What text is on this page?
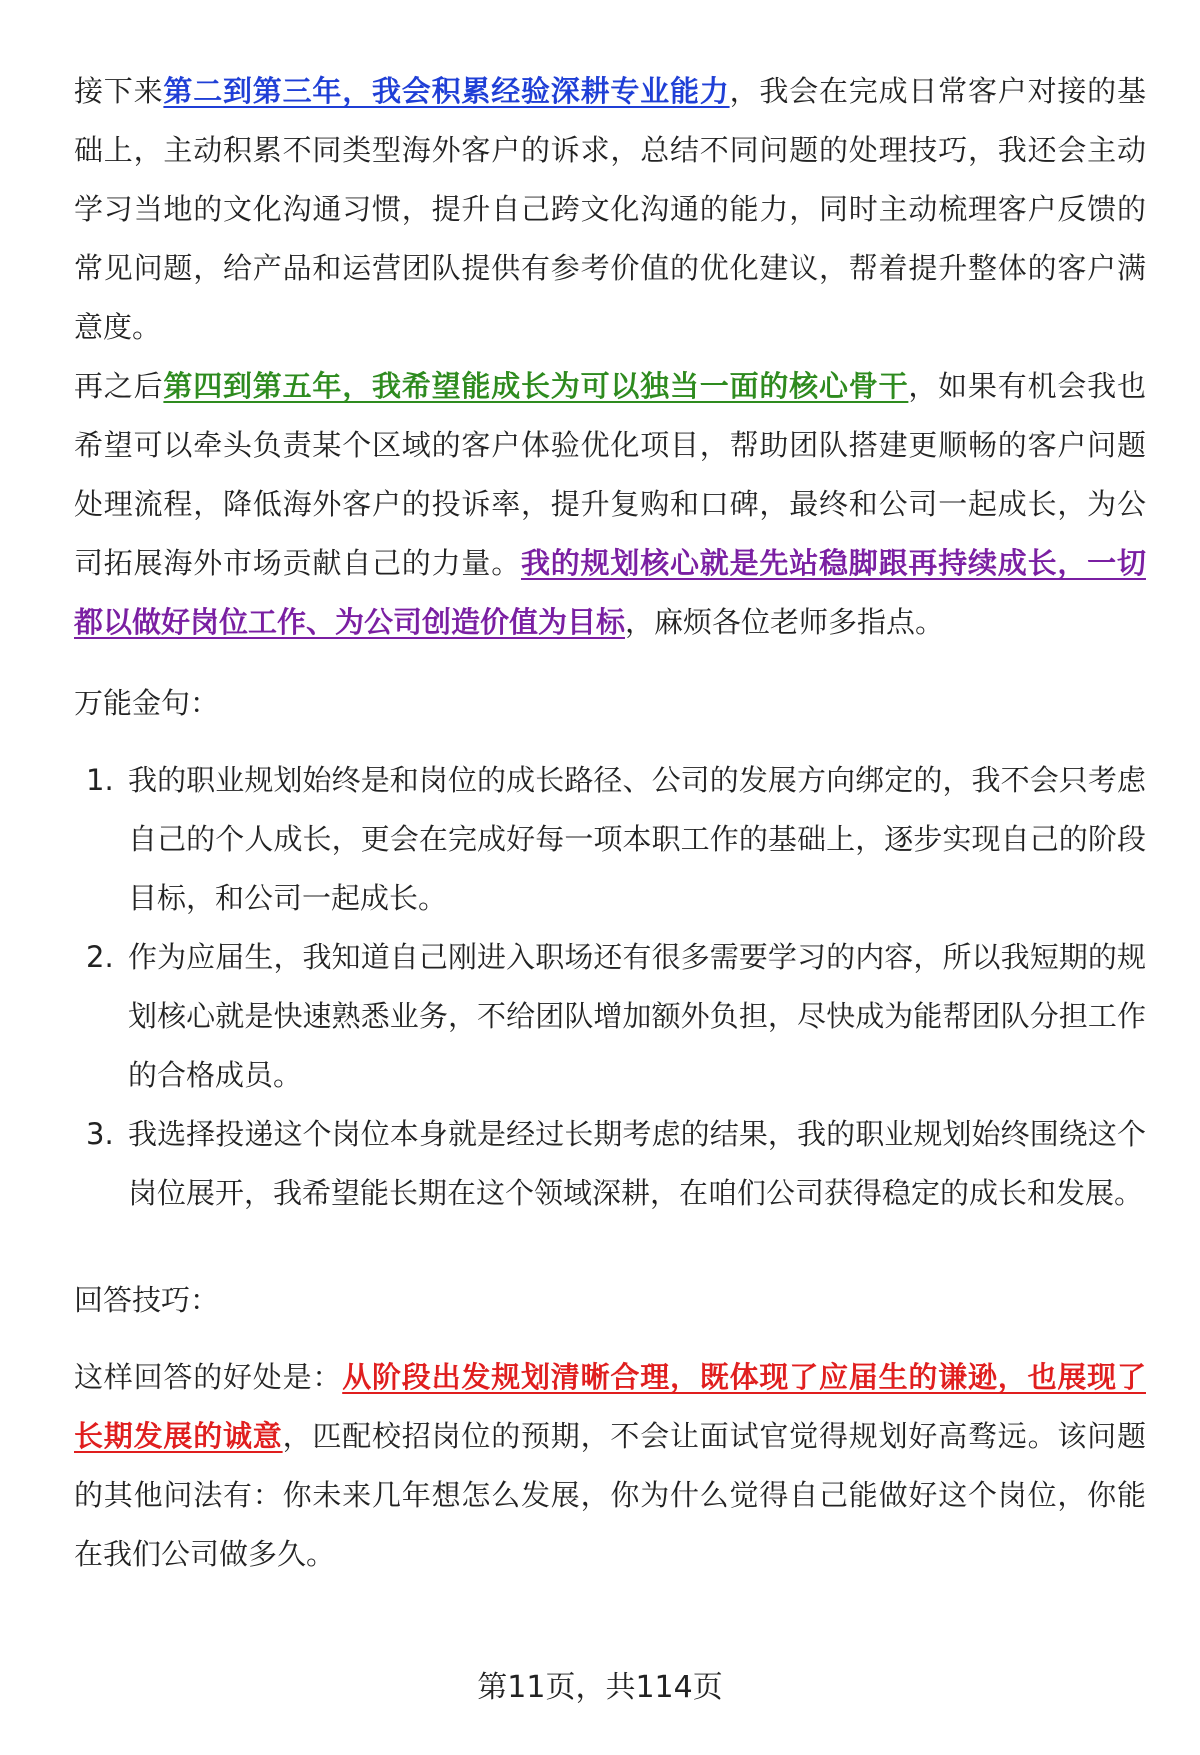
接下来第二到第三年，我会积累经验深耕专业能力，我会在完成日常客户对接的基础上，主动积累不同类型海外客户的诉求，总结不同问题的处理技巧，我还会主动学习当地的文化沟通习惯，提升自己跨文化沟通的能力，同时主动梳理客户反馈的常见问题，给产品和运营团队提供有参考价值的优化建议，帮着提升整体的客户满意度。

再之后第四到第五年，我希望能成长为可以独当一面的核心骨干，如果有机会我也希望可以牵头负责某个区域的客户体验优化项目，帮助团队搭建更顺畅的客户问题处理流程，降低海外客户的投诉率，提升复购和口碑，最终和公司一起成长，为公司拓展海外市场贡献自己的力量。我的规划核心就是先站稳脚跟再持续成长，一切都以做好岗位工作、为公司创造价值为目标，麻烦各位老师多指点。

万能金句：
1. 我的职业规划始终是和岗位的成长路径、公司的发展方向绑定的，我不会只考虑自己的个人成长，更会在完成好每一项本职工作的基础上，逐步实现自己的阶段目标，和公司一起成长。
2. 作为应届生，我知道自己刚进入职场还有很多需要学习的内容，所以我短期的规划核心就是快速熟悉业务，不给团队增加额外负担，尽快成为能帮团队分担工作的合格成员。
3. 我选择投递这个岗位本身就是经过长期考虑的结果，我的职业规划始终围绕这个岗位展开，我希望能长期在这个领域深耕，在咱们公司获得稳定的成长和发展。
回答技巧：

这样回答的好处是：从阶段出发规划清晰合理，既体现了应届生的谦逊，也展现了长期发展的诚意，匹配校招岗位的预期，不会让面试官觉得规划好高骛远。该问题的其他问法有：你未来几年想怎么发展，你为什么觉得自己能做好这个岗位，你能在我们公司做多久。

第11页，共114页
